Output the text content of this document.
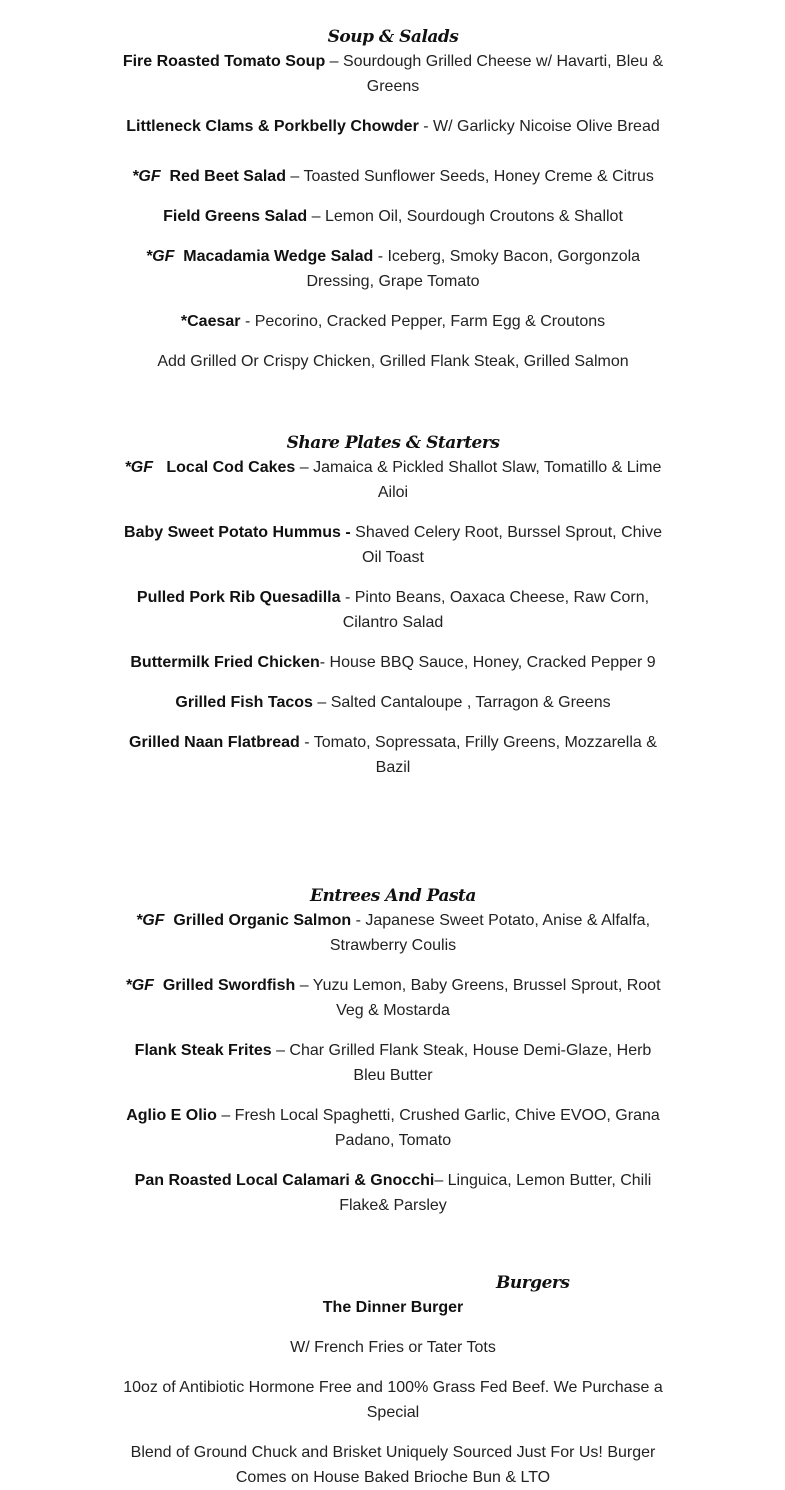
Soup & Salads

Fire Roasted Tomato Soup – Sourdough Grilled Cheese w/ Havarti, Bleu & Greens

Littleneck Clams & Porkbelly Chowder - W/ Garlicky Nicoise Olive Bread

*GF Red Beet Salad – Toasted Sunflower Seeds, Honey Creme & Citrus

Field Greens Salad – Lemon Oil, Sourdough Croutons & Shallot

*GF Macadamia Wedge Salad - Iceberg, Smoky Bacon, Gorgonzola Dressing, Grape Tomato

*Caesar - Pecorino, Cracked Pepper, Farm Egg & Croutons

Add Grilled Or Crispy Chicken, Grilled Flank Steak, Grilled Salmon

Share Plates & Starters

*GF Local Cod Cakes – Jamaica & Pickled Shallot Slaw, Tomatillo & Lime Ailoi

Baby Sweet Potato Hummus - Shaved Celery Root, Burssel Sprout, Chive Oil Toast

Pulled Pork Rib Quesadilla - Pinto Beans, Oaxaca Cheese, Raw Corn, Cilantro Salad

Buttermilk Fried Chicken- House BBQ Sauce, Honey, Cracked Pepper 9

Grilled Fish Tacos – Salted Cantaloupe , Tarragon & Greens

Grilled Naan Flatbread - Tomato, Sopressata, Frilly Greens, Mozzarella & Bazil

Entrees And Pasta

*GF Grilled Organic Salmon - Japanese Sweet Potato, Anise & Alfalfa, Strawberry Coulis

*GF Grilled Swordfish – Yuzu Lemon, Baby Greens, Brussel Sprout, Root Veg & Mostarda

Flank Steak Frites – Char Grilled Flank Steak, House Demi-Glaze, Herb Bleu Butter

Aglio E Olio – Fresh Local Spaghetti, Crushed Garlic, Chive EVOO, Grana Padano, Tomato

Pan Roasted Local Calamari & Gnocchi– Linguica, Lemon Butter, Chili Flake& Parsley

Burgers

The Dinner Burger

W/ French Fries or Tater Tots

10oz of Antibiotic Hormone Free and 100% Grass Fed Beef. We Purchase a Special

Blend of Ground Chuck and Brisket Uniquely Sourced Just For Us! Burger Comes on House Baked Brioche Bun & LTO
